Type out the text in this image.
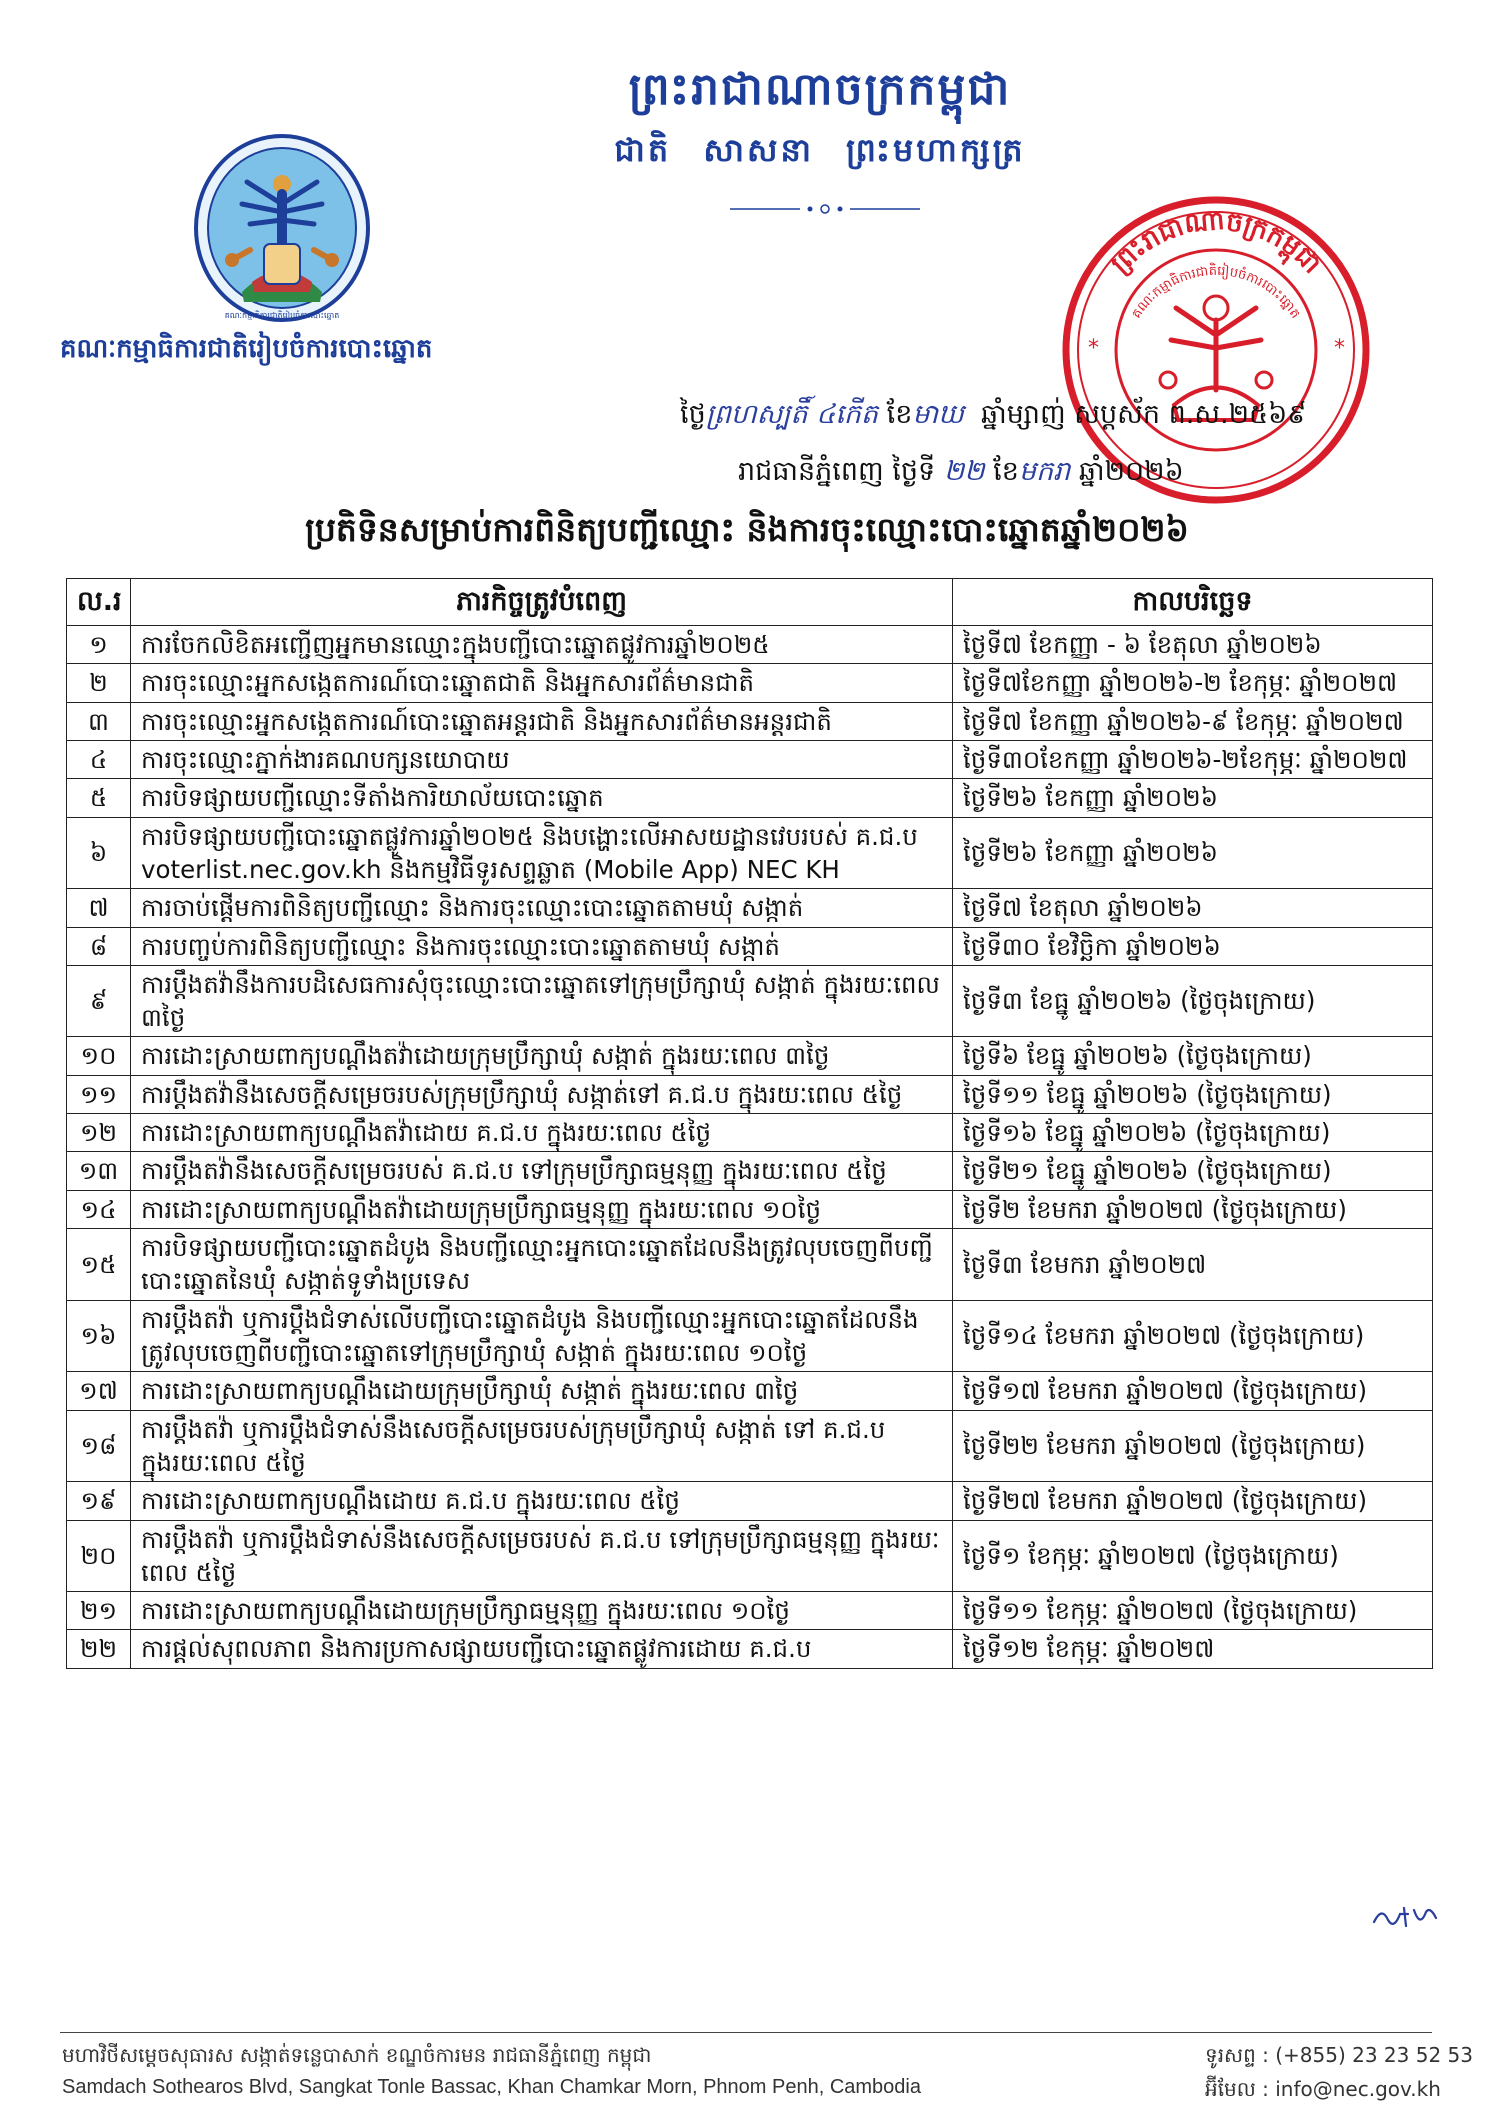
ព្រះរាជាណាចក្រកម្ពុជា
ជាតិ សាសនា ព្រះមហាក្សត្រ
គណៈកម្មាធិការជាតិរៀបចំការបោះឆ្នោត
គណៈកម្មាធិការជាតិរៀបចំការបោះឆ្នោត
ព្រះរាជាណាចក្រកម្ពុជា
គណៈកម្មាធិការជាតិរៀបចំការបោះឆ្នោត
*	*
ថ្ងៃព្រហស្បតិ៍ ៤កើត ខែមាឃ ឆ្នាំម្សាញ់ សប្តស័ក ព.ស.២៥៦៩
រាជធានីភ្នំពេញ ថ្ងៃទី ២២ ខែមករា ឆ្នាំ២០២៦
ប្រតិទិនសម្រាប់ការពិនិត្យបញ្ជីឈ្មោះ និងការចុះឈ្មោះបោះឆ្នោតឆ្នាំ២០២៦
ល.រ	ភារកិច្ចត្រូវបំពេញ	កាលបរិច្ឆេទ
១	ការចែកលិខិតអញ្ជើញអ្នកមានឈ្មោះក្នុងបញ្ជីបោះឆ្នោតផ្លូវការឆ្នាំ២០២៥	ថ្ងៃទី៧ ខែកញ្ញា - ៦ ខែតុលា ឆ្នាំ២០២៦
២	ការចុះឈ្មោះអ្នកសង្កេតការណ៍បោះឆ្នោតជាតិ និងអ្នកសារព័ត៌មានជាតិ	ថ្ងៃទី៧ខែកញ្ញា ឆ្នាំ២០២៦-២ ខែកុម្ភៈ ឆ្នាំ២០២៧
៣	ការចុះឈ្មោះអ្នកសង្កេតការណ៍បោះឆ្នោតអន្តរជាតិ និងអ្នកសារព័ត៌មានអន្តរជាតិ	ថ្ងៃទី៧ ខែកញ្ញា ឆ្នាំ២០២៦-៩ ខែកុម្ភៈ ឆ្នាំ២០២៧
៤	ការចុះឈ្មោះភ្នាក់ងារគណបក្សនយោបាយ	ថ្ងៃទី៣០ខែកញ្ញា ឆ្នាំ២០២៦-២ខែកុម្ភៈ ឆ្នាំ២០២៧
៥	ការបិទផ្សាយបញ្ជីឈ្មោះទីតាំងការិយាល័យបោះឆ្នោត	ថ្ងៃទី២៦ ខែកញ្ញា ឆ្នាំ២០២៦
៦	ការបិទផ្សាយបញ្ជីបោះឆ្នោតផ្លូវការឆ្នាំ២០២៥ និងបង្ហោះលើអាសយដ្ឋានវេបរបស់ គ.ជ.ប voterlist.nec.gov.kh និងកម្មវិធីទូរសព្ទឆ្លាត (Mobile App) NEC KH	ថ្ងៃទី២៦ ខែកញ្ញា ឆ្នាំ២០២៦
៧	ការចាប់ផ្តើមការពិនិត្យបញ្ជីឈ្មោះ និងការចុះឈ្មោះបោះឆ្នោតតាមឃុំ សង្កាត់	ថ្ងៃទី៧ ខែតុលា ឆ្នាំ២០២៦
៨	ការបញ្ចប់ការពិនិត្យបញ្ជីឈ្មោះ និងការចុះឈ្មោះបោះឆ្នោតតាមឃុំ សង្កាត់	ថ្ងៃទី៣០ ខែវិច្ឆិកា ឆ្នាំ២០២៦
៩	ការប្តឹងតវ៉ានឹងការបដិសេធការសុំចុះឈ្មោះបោះឆ្នោតទៅក្រុមប្រឹក្សាឃុំ សង្កាត់ ក្នុងរយៈពេល ៣ថ្ងៃ	ថ្ងៃទី៣ ខែធ្នូ ឆ្នាំ២០២៦ (ថ្ងៃចុងក្រោយ)
១០	ការដោះស្រាយពាក្យបណ្តឹងតវ៉ាដោយក្រុមប្រឹក្សាឃុំ សង្កាត់ ក្នុងរយៈពេល ៣ថ្ងៃ	ថ្ងៃទី៦ ខែធ្នូ ឆ្នាំ២០២៦ (ថ្ងៃចុងក្រោយ)
១១	ការប្តឹងតវ៉ានឹងសេចក្តីសម្រេចរបស់ក្រុមប្រឹក្សាឃុំ សង្កាត់ទៅ គ.ជ.ប ក្នុងរយៈពេល ៥ថ្ងៃ	ថ្ងៃទី១១ ខែធ្នូ ឆ្នាំ២០២៦ (ថ្ងៃចុងក្រោយ)
១២	ការដោះស្រាយពាក្យបណ្តឹងតវ៉ាដោយ គ.ជ.ប ក្នុងរយៈពេល ៥ថ្ងៃ	ថ្ងៃទី១៦ ខែធ្នូ ឆ្នាំ២០២៦ (ថ្ងៃចុងក្រោយ)
១៣	ការប្តឹងតវ៉ានឹងសេចក្តីសម្រេចរបស់ គ.ជ.ប ទៅក្រុមប្រឹក្សាធម្មនុញ្ញ ក្នុងរយៈពេល ៥ថ្ងៃ	ថ្ងៃទី២១ ខែធ្នូ ឆ្នាំ២០២៦ (ថ្ងៃចុងក្រោយ)
១៤	ការដោះស្រាយពាក្យបណ្តឹងតវ៉ាដោយក្រុមប្រឹក្សាធម្មនុញ្ញ ក្នុងរយៈពេល ១០ថ្ងៃ	ថ្ងៃទី២ ខែមករា ឆ្នាំ២០២៧ (ថ្ងៃចុងក្រោយ)
១៥	ការបិទផ្សាយបញ្ជីបោះឆ្នោតដំបូង និងបញ្ជីឈ្មោះអ្នកបោះឆ្នោតដែលនឹងត្រូវលុបចេញពីបញ្ជីបោះឆ្នោតនៃឃុំ សង្កាត់ទូទាំងប្រទេស	ថ្ងៃទី៣ ខែមករា ឆ្នាំ២០២៧
១៦	ការប្តឹងតវ៉ា ឬការប្តឹងជំទាស់លើបញ្ជីបោះឆ្នោតដំបូង និងបញ្ជីឈ្មោះអ្នកបោះឆ្នោតដែលនឹងត្រូវលុបចេញពីបញ្ជីបោះឆ្នោតទៅក្រុមប្រឹក្សាឃុំ សង្កាត់ ក្នុងរយៈពេល ១០ថ្ងៃ	ថ្ងៃទី១៤ ខែមករា ឆ្នាំ២០២៧ (ថ្ងៃចុងក្រោយ)
១៧	ការដោះស្រាយពាក្យបណ្តឹងដោយក្រុមប្រឹក្សាឃុំ សង្កាត់ ក្នុងរយៈពេល ៣ថ្ងៃ	ថ្ងៃទី១៧ ខែមករា ឆ្នាំ២០២៧ (ថ្ងៃចុងក្រោយ)
១៨	ការប្តឹងតវ៉ា ឬការប្តឹងជំទាស់នឹងសេចក្តីសម្រេចរបស់ក្រុមប្រឹក្សាឃុំ សង្កាត់ ទៅ គ.ជ.ប ក្នុងរយៈពេល ៥ថ្ងៃ	ថ្ងៃទី២២ ខែមករា ឆ្នាំ២០២៧ (ថ្ងៃចុងក្រោយ)
១៩	ការដោះស្រាយពាក្យបណ្តឹងដោយ គ.ជ.ប ក្នុងរយៈពេល ៥ថ្ងៃ	ថ្ងៃទី២៧ ខែមករា ឆ្នាំ២០២៧ (ថ្ងៃចុងក្រោយ)
២០	ការប្តឹងតវ៉ា ឬការប្តឹងជំទាស់នឹងសេចក្តីសម្រេចរបស់ គ.ជ.ប ទៅក្រុមប្រឹក្សាធម្មនុញ្ញ ក្នុងរយៈពេល ៥ថ្ងៃ	ថ្ងៃទី១ ខែកុម្ភៈ ឆ្នាំ២០២៧ (ថ្ងៃចុងក្រោយ)
២១	ការដោះស្រាយពាក្យបណ្តឹងដោយក្រុមប្រឹក្សាធម្មនុញ្ញ ក្នុងរយៈពេល ១០ថ្ងៃ	ថ្ងៃទី១១ ខែកុម្ភៈ ឆ្នាំ២០២៧ (ថ្ងៃចុងក្រោយ)
២២	ការផ្តល់សុពលភាព និងការប្រកាសផ្សាយបញ្ជីបោះឆ្នោតផ្លូវការដោយ គ.ជ.ប	ថ្ងៃទី១២ ខែកុម្ភៈ ឆ្នាំ២០២៧
មហាវិថីសម្តេចសុធារស សង្កាត់ទន្លេបាសាក់ ខណ្ឌចំការមន រាជធានីភ្នំពេញ កម្ពុជា
Samdach Sothearos Blvd, Sangkat Tonle Bassac, Khan Chamkar Morn, Phnom Penh, Cambodia
ទូរសព្ទ : (+855) 23 23 52 53
អ៊ីមែល : info@nec.gov.kh
